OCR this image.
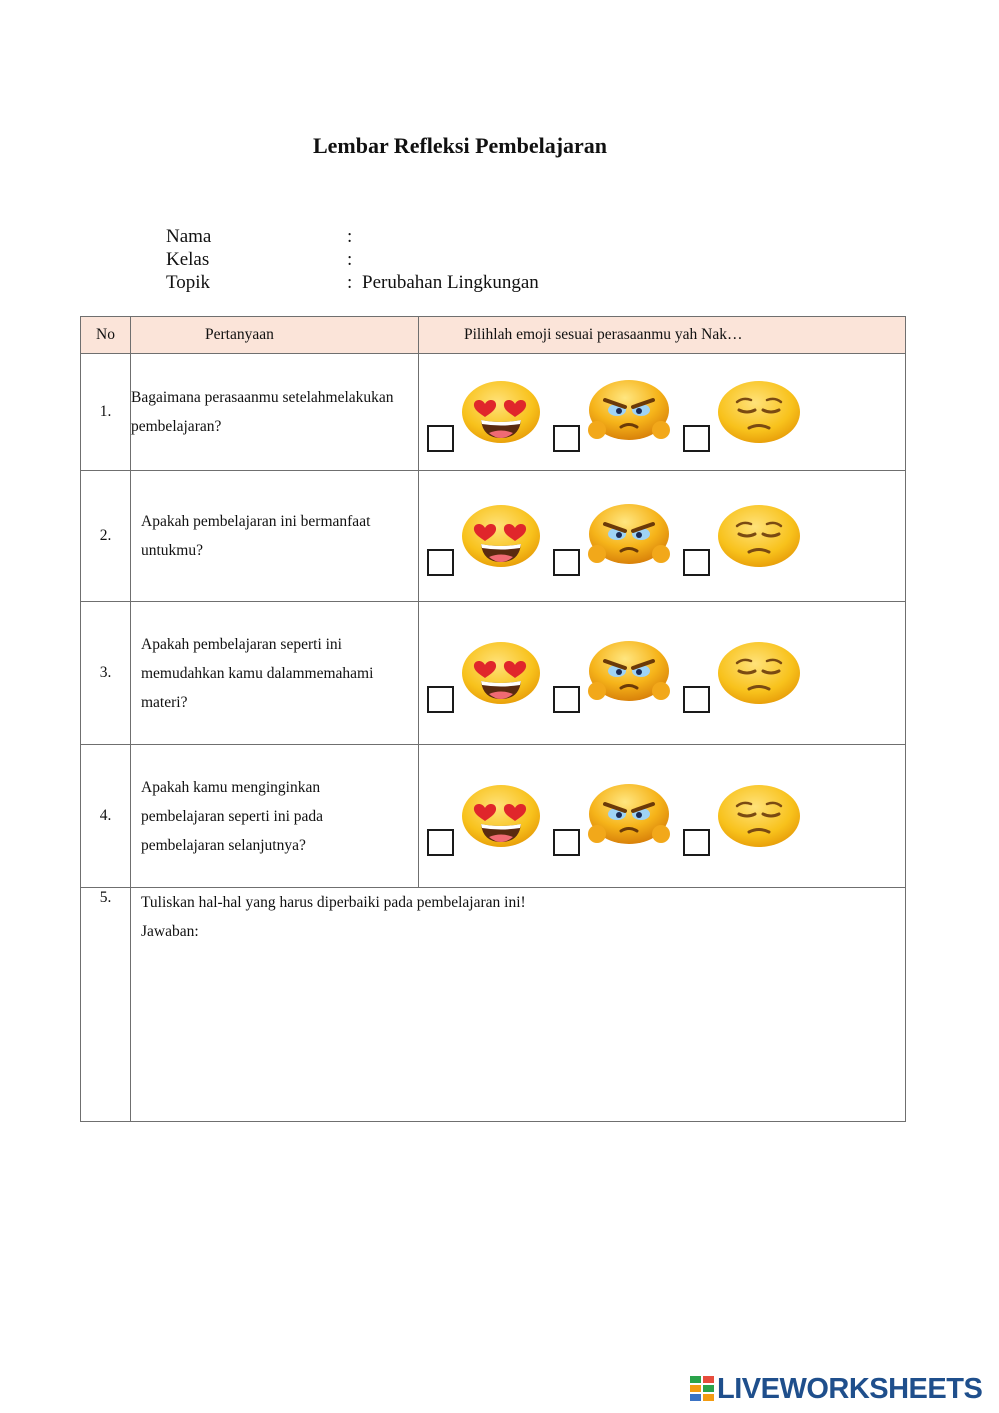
Lembar Refleksi Pembelajaran
Nama	:
Kelas	:
Topik	: Perubahan Lingkungan
No	Pertanyaan	Pilihlah emoji sesuai perasaanmu yah Nak…
1.	Bagaimana perasaanmu setelahmelakukan pembelajaran?	

2.	Apakah pembelajaran ini bermanfaat untukmu?	

3.	Apakah pembelajaran seperti ini memudahkan kamu dalammemahami materi?	

4.	Apakah kamu menginginkan pembelajaran seperti ini pada pembelajaran selanjutnya?	

5.	Tuliskan hal-hal yang harus diperbaiki pada pembelajaran ini!
Jawaban:	
LIVEWORKSHEETS
